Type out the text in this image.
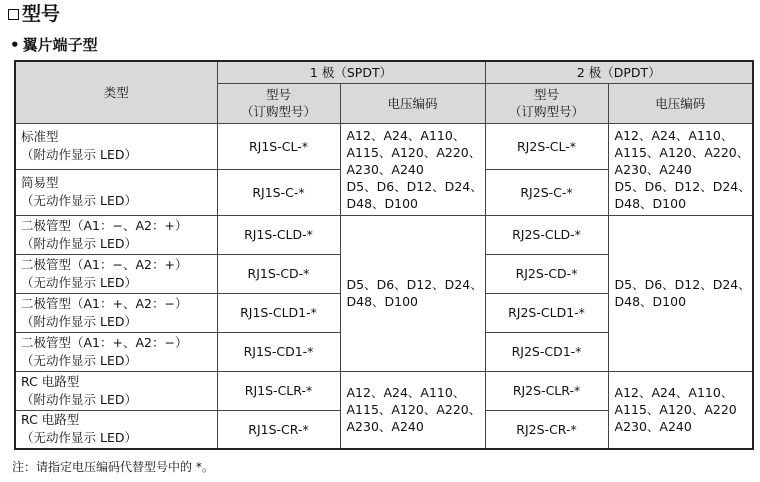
型号
• 翼片端子型
类型	1 极（SPDT）		2 极（DPDT）	

	型号
（订购型号）	电压编码	型号
（订购型号）	电压编码

标准型
（附动作显示 LED）	RJ1S-CL-*	A12、A24、A110、
A115、A120、A220、
A230、A240
D5、D6、D12、D24、
D48、D100	RJ2S-CL-*	A12、A24、A110、
A115、A120、A220、
A230、A240
D5、D6、D12、D24、
D48、D100

简易型
（无动作显示 LED）	RJ1S-C-*		RJ2S-C-*	

二极管型（A1：−、A2：+）
（附动作显示 LED）	RJ1S-CLD-*	D5、D6、D12、D24、
D48、D100	RJ2S-CLD-*	D5、D6、D12、D24、
D48、D100

二极管型（A1：−、A2：+）
（无动作显示 LED）	RJ1S-CD-*		RJ2S-CD-*	

二极管型（A1：+、A2：−）
（附动作显示 LED）	RJ1S-CLD1-*		RJ2S-CLD1-*	

二极管型（A1：+、A2：−）
（无动作显示 LED）	RJ1S-CD1-*		RJ2S-CD1-*	

RC 电路型
（附动作显示 LED）	RJ1S-CLR-*	A12、A24、A110、
A115、A120、A220、
A230、A240	RJ2S-CLR-*	A12、A24、A110、
A115、A120、A220
A230、A240

RC 电路型
（无动作显示 LED）	RJ1S-CR-*		RJ2S-CR-*	
注：请指定电压编码代替型号中的 *。
